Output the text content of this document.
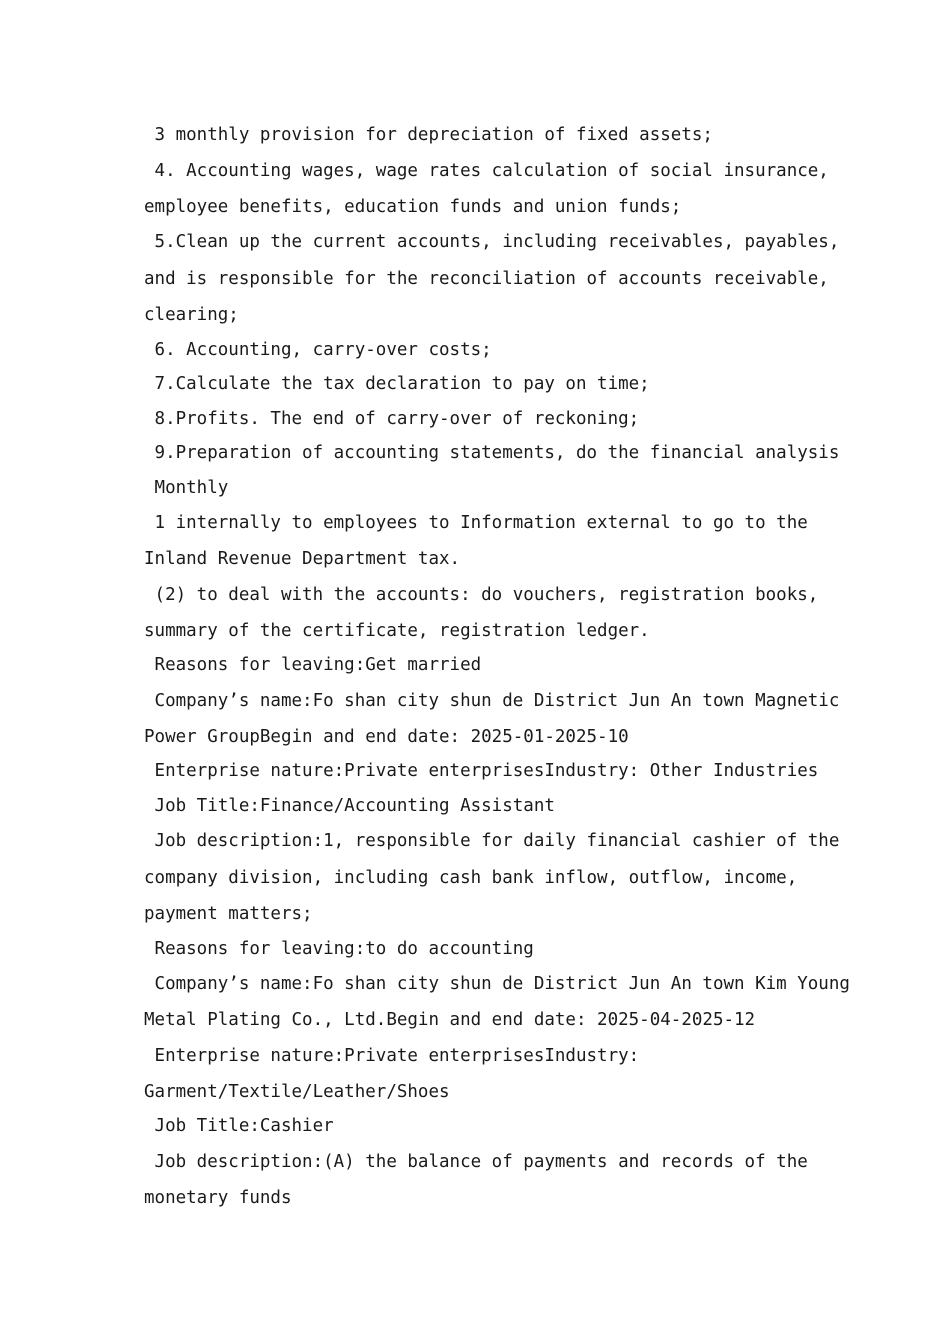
3 monthly provision for depreciation of fixed assets;

4. Accounting wages, wage rates calculation of social insurance,

employee benefits, education funds and union funds;

5.Clean up the current accounts, including receivables, payables,

and is responsible for the reconciliation of accounts receivable,

clearing;

6. Accounting, carry-over costs;

7.Calculate the tax declaration to pay on time;

8.Profits. The end of carry-over of reckoning;

9.Preparation of accounting statements, do the financial analysis

Monthly

1 internally to employees to Information external to go to the

Inland Revenue Department tax.

(2) to deal with the accounts: do vouchers, registration books,

summary of the certificate, registration ledger.

Reasons for leaving:Get married

Company’s name:Fo shan city shun de District Jun An town Magnetic

Power GroupBegin and end date: 2025-01-2025-10

Enterprise nature:Private enterprisesIndustry: Other Industries

Job Title:Finance/Accounting Assistant

Job description:1, responsible for daily financial cashier of the

company division, including cash bank inflow, outflow, income,

payment matters;

Reasons for leaving:to do accounting

Company’s name:Fo shan city shun de District Jun An town Kim Young

Metal Plating Co., Ltd.Begin and end date: 2025-04-2025-12

Enterprise nature:Private enterprisesIndustry:

Garment/Textile/Leather/Shoes

Job Title:Cashier

Job description:(A) the balance of payments and records of the

monetary funds
